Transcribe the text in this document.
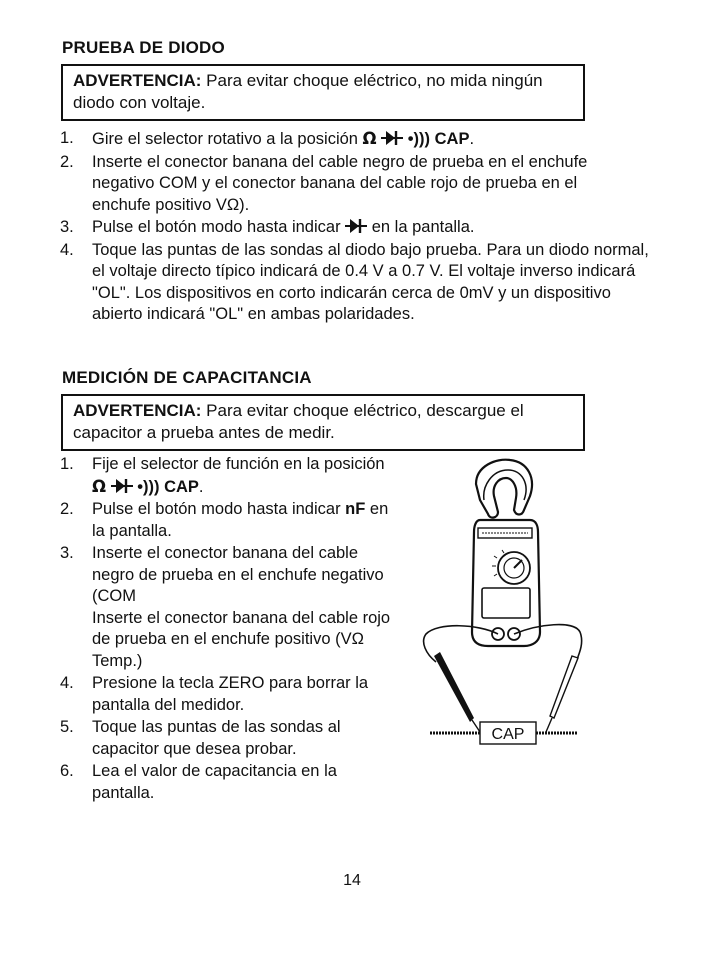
PRUEBA DE DIODO
ADVERTENCIA: Para evitar choque eléctrico, no mida ningún diodo con voltaje.
1. Gire el selector rotativo a la posición Ω •))) CAP.
2. Inserte el conector banana del cable negro de prueba en el enchufe negativo COM y el conector banana del cable rojo de prueba en el enchufe positivo VΩ).
3. Pulse el botón modo hasta indicar  en la pantalla.
4. Toque las puntas de las sondas al diodo bajo prueba. Para un diodo normal, el voltaje directo típico indicará de 0.4 V a 0.7 V. El voltaje inverso indicará "OL". Los dispositivos en corto indicarán cerca de 0mV y un dispositivo abierto indicará "OL" en ambas polaridades.
MEDICIÓN DE CAPACITANCIA
ADVERTENCIA: Para evitar choque eléctrico, descargue el capacitor a prueba antes de medir.
1. Fije el selector de función en la posición Ω •))) CAP.
2. Pulse el botón modo hasta indicar nF en la pantalla.
3. Inserte el conector banana del cable negro de prueba en el enchufe negativo (COM
Inserte el conector banana del cable rojo de prueba en el enchufe positivo (VΩ Temp.)
4. Presione la tecla ZERO para borrar la pantalla del medidor.
5. Toque las puntas de las sondas al capacitor que desea probar.
6. Lea el valor de capacitancia en la pantalla.
CAP
14
